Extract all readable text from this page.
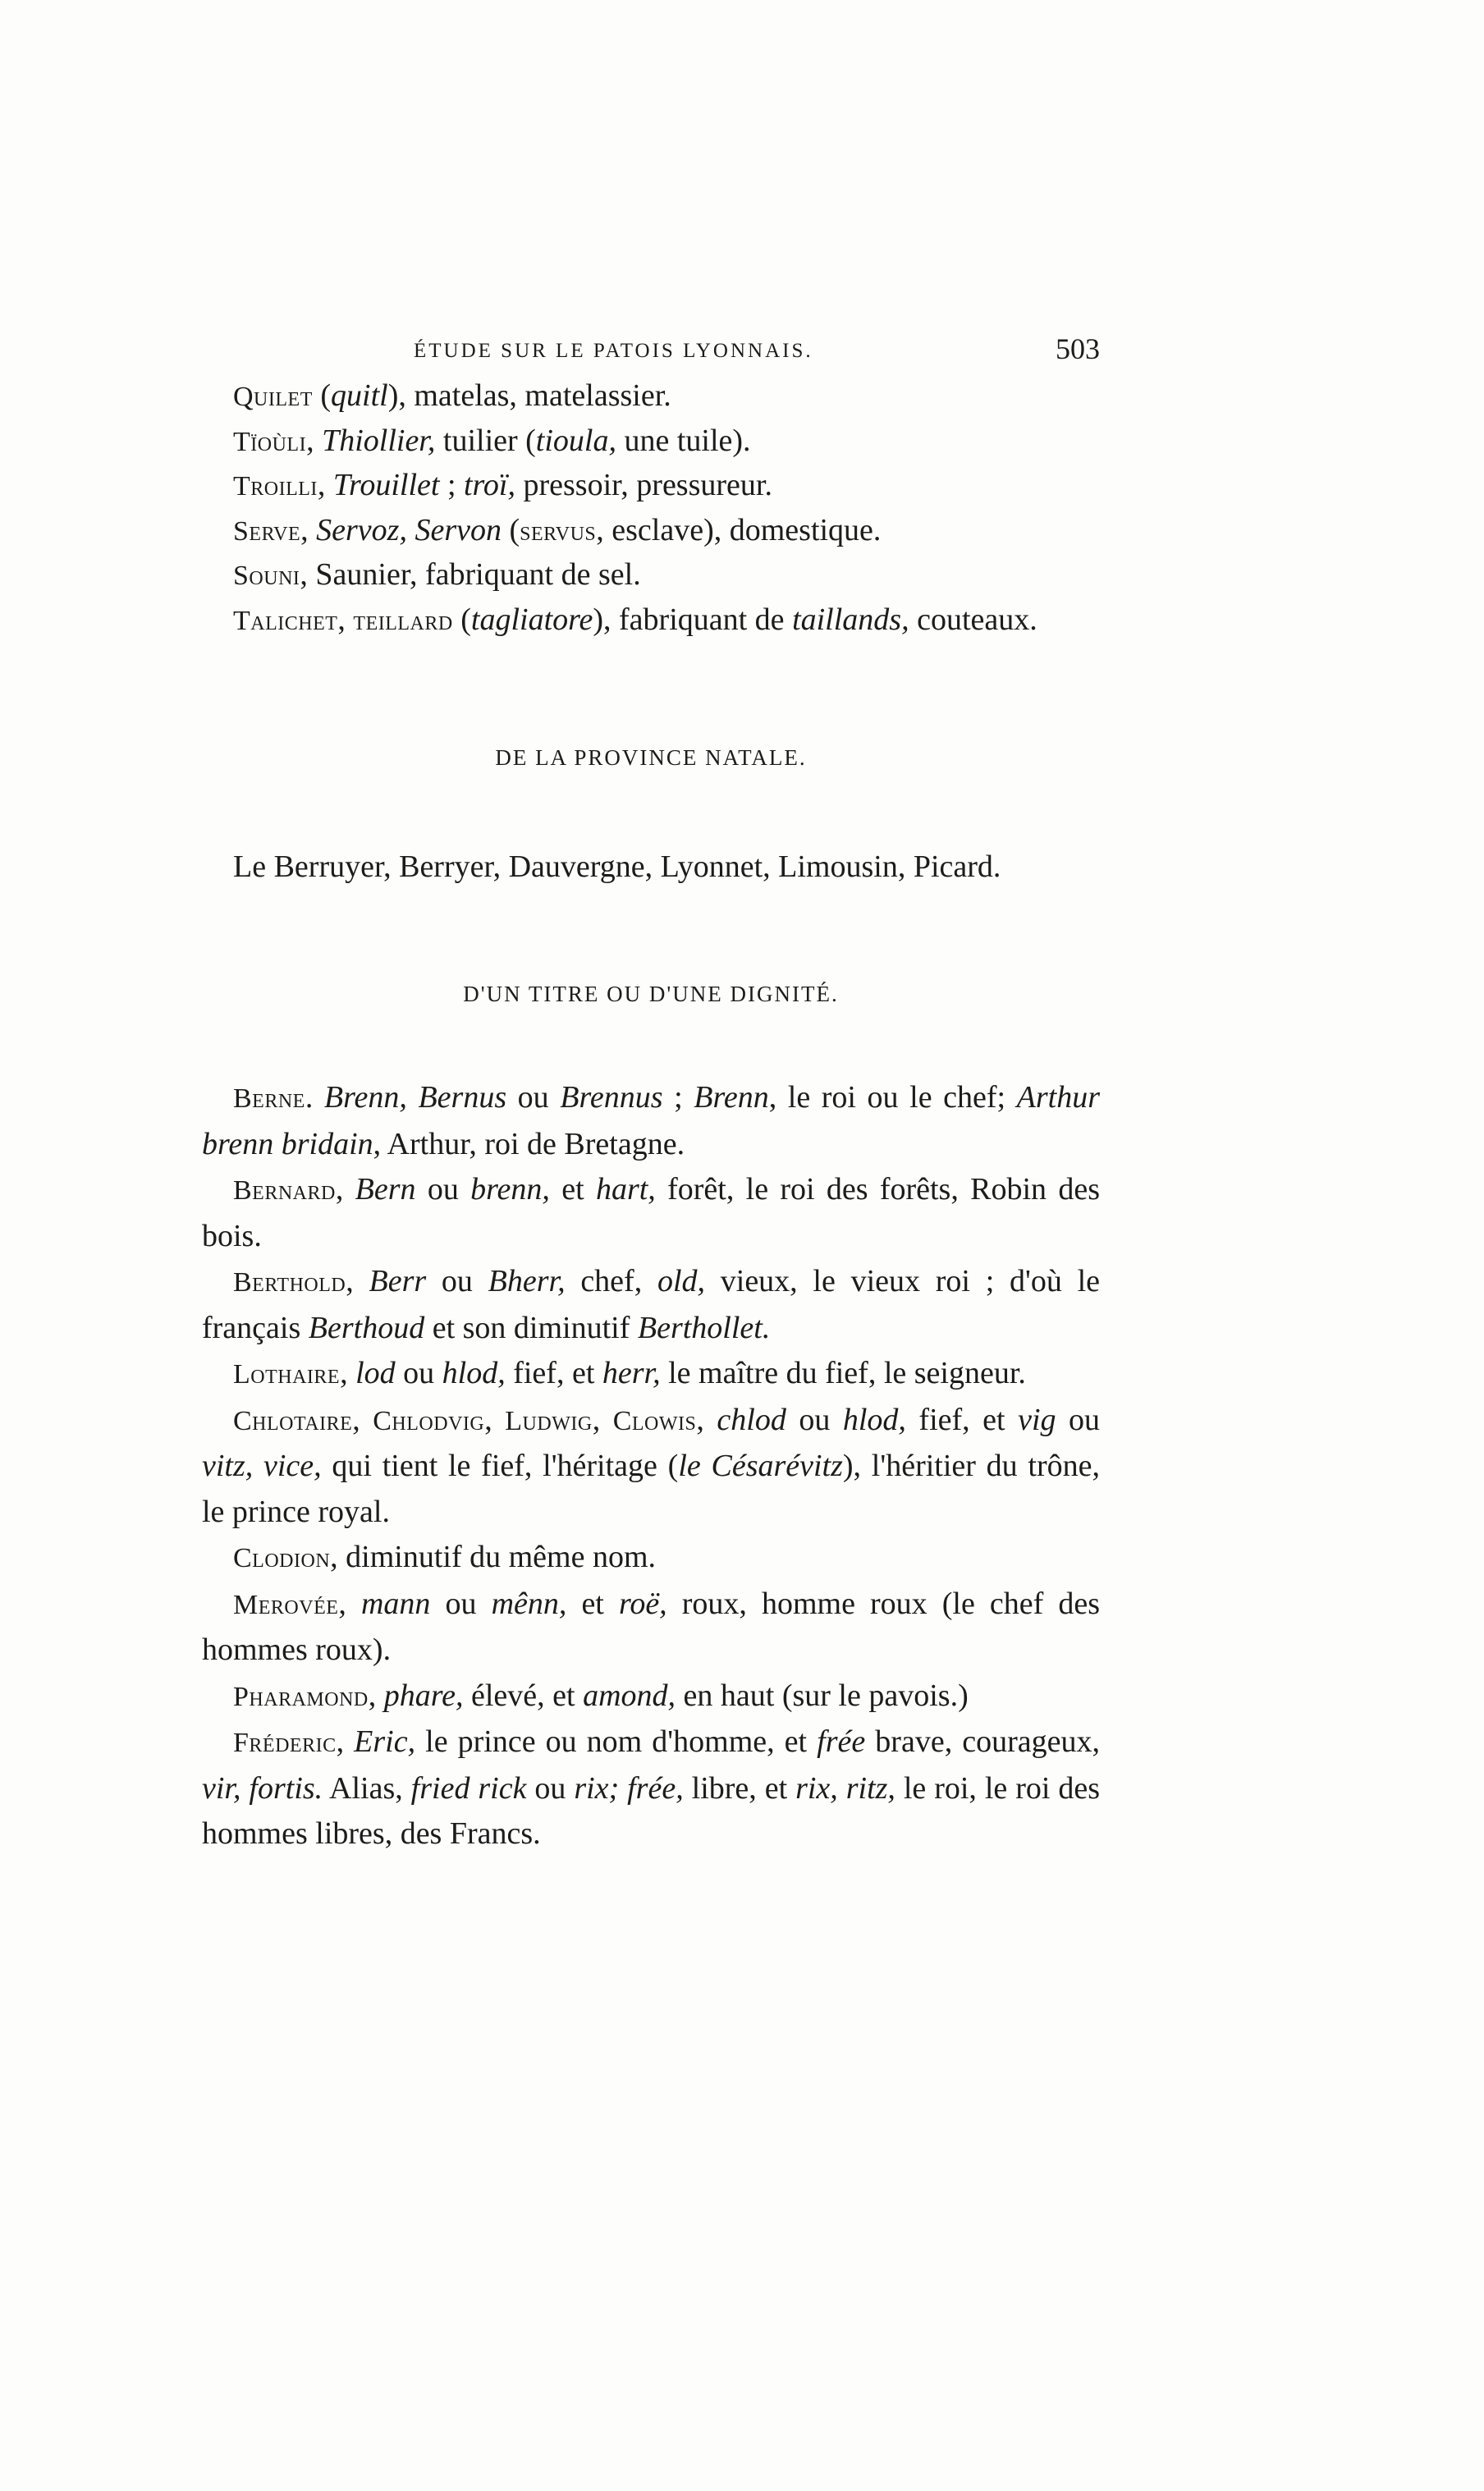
ÉTUDE SUR LE PATOIS LYONNAIS.	503

Quilet (quitl), matelas, matelassier.

Tïoùli, Thiollier, tuilier (tioula, une tuile).

Troilli, Trouillet ; troï, pressoir, pressureur.

Serve, Servoz, Servon (servus, esclave), domestique.

Souni, Saunier, fabriquant de sel.

Talichet, teillard (tagliatore), fabriquant de taillands, couteaux.

DE LA PROVINCE NATALE.

Le Berruyer, Berryer, Dauvergne, Lyonnet, Limousin, Picard.

D'UN TITRE OU D'UNE DIGNITÉ.

Berne. Brenn, Bernus ou Brennus ; Brenn, le roi ou le chef; Arthur brenn bridain, Arthur, roi de Bretagne.

Bernard, Bern ou brenn, et hart, forêt, le roi des forêts, Robin des bois.

Berthold, Berr ou Bherr, chef, old, vieux, le vieux roi ; d'où le français Berthoud et son diminutif Berthollet.

Lothaire, lod ou hlod, fief, et herr, le maître du fief, le seigneur.

Chlotaire, Chlodvig, Ludwig, Clowis, chlod ou hlod, fief, et vig ou vitz, vice, qui tient le fief, l'héritage (le Césarévitz), l'héritier du trône, le prince royal.

Clodion, diminutif du même nom.

Merovée, mann ou mênn, et roë, roux, homme roux (le chef des hommes roux).

Pharamond, phare, élevé, et amond, en haut (sur le pavois.)

Fréderic, Eric, le prince ou nom d'homme, et frée brave, courageux, vir, fortis. Alias, fried rick ou rix; frée, libre, et rix, ritz, le roi, le roi des hommes libres, des Francs.
